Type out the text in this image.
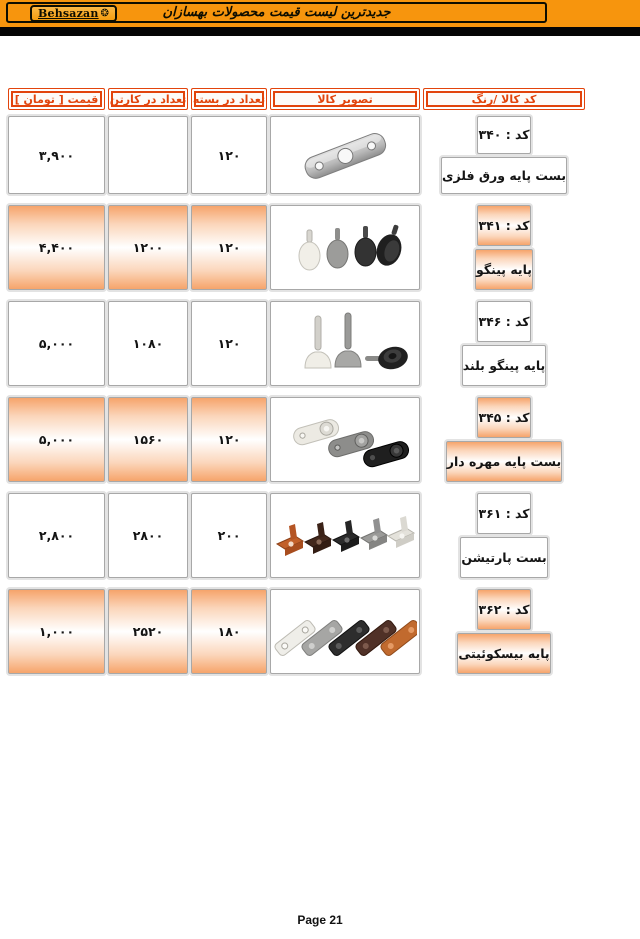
Behsazan ❂	جدیدترین لیست قیمت محصولات بهسازان
کد کالا /رنگ
تصویر کالا
تعداد در بسته
تعداد در کارتن
قیمت [ تومان ]
کد : ۳۴۰
بست پایه ورق فلزی
۱۲۰
۳,۹۰۰
کد : ۳۴۱
پایه پینگو
۱۲۰
۱۲۰۰
۴,۴۰۰
کد : ۳۴۶
پایه پینگو بلند
۱۲۰
۱۰۸۰
۵,۰۰۰
کد : ۳۴۵
بست پایه مهره دار
۱۲۰
۱۵۶۰
۵,۰۰۰
کد : ۳۶۱
بست پارتیشن
۲۰۰
۲۸۰۰
۲,۸۰۰
کد : ۳۶۲
پایه بیسکوئیتی
۱۸۰
۲۵۲۰
۱,۰۰۰
Page 21
